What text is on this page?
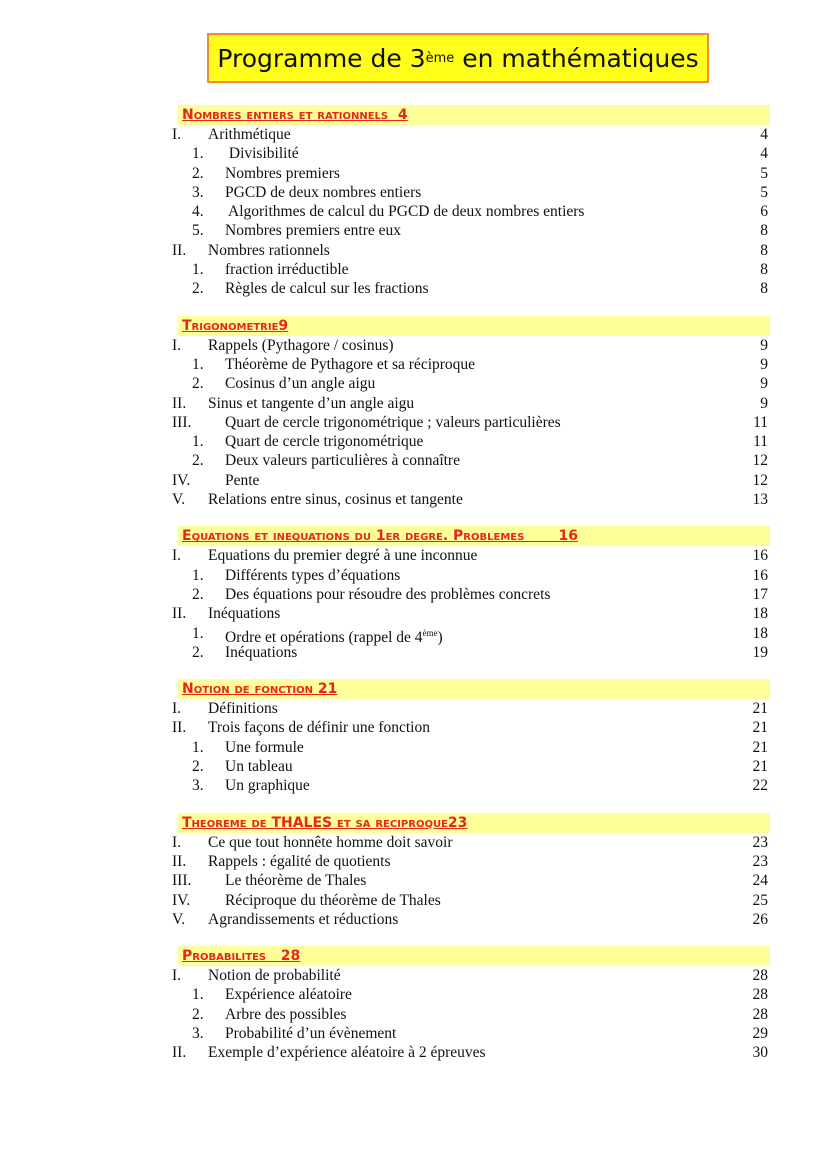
Programme de 3 ème en mathématiques
Nombres entiers et rationnels 4
I. Arithmétique	4
1. Divisibilité	4
2. Nombres premiers	5
3. PGCD de deux nombres entiers	5
4. Algorithmes de calcul du PGCD de deux nombres entiers	6
5. Nombres premiers entre eux	8
II. Nombres rationnels	8
1. fraction irréductible	8
2. Règles de calcul sur les fractions	8
Trigonometrie9
I. Rappels (Pythagore / cosinus)	9
1. Théorème de Pythagore et sa réciproque	9
2. Cosinus d’un angle aigu	9
II. Sinus et tangente d’un angle aigu	9
III. Quart de cercle trigonométrique ; valeurs particulières	11
1. Quart de cercle trigonométrique	11
2. Deux valeurs particulières à connaître	12
IV. Pente	12
V. Relations entre sinus, cosinus et tangente	13
Equations et inequations du 1er degre. Problemes 16
I. Equations du premier degré à une inconnue	16
1. Différents types d’équations	16
2. Des équations pour résoudre des problèmes concrets	17
II. Inéquations	18
1. Ordre et opérations (rappel de 4ème)	18
2. Inéquations	19
Notion de fonction 21
I. Définitions	21
II. Trois façons de définir une fonction	21
1. Une formule	21
2. Un tableau	21
3. Un graphique	22
Theoreme de THALES et sa reciproque23
I. Ce que tout honnête homme doit savoir	23
II. Rappels : égalité de quotients	23
III. Le théorème de Thales	24
IV. Réciproque du théorème de Thales	25
V. Agrandissements et réductions	26
Probabilites 28
I. Notion de probabilité	28
1. Expérience aléatoire	28
2. Arbre des possibles	28
3. Probabilité d’un évènement	29
II. Exemple d’expérience aléatoire à 2 épreuves	30
